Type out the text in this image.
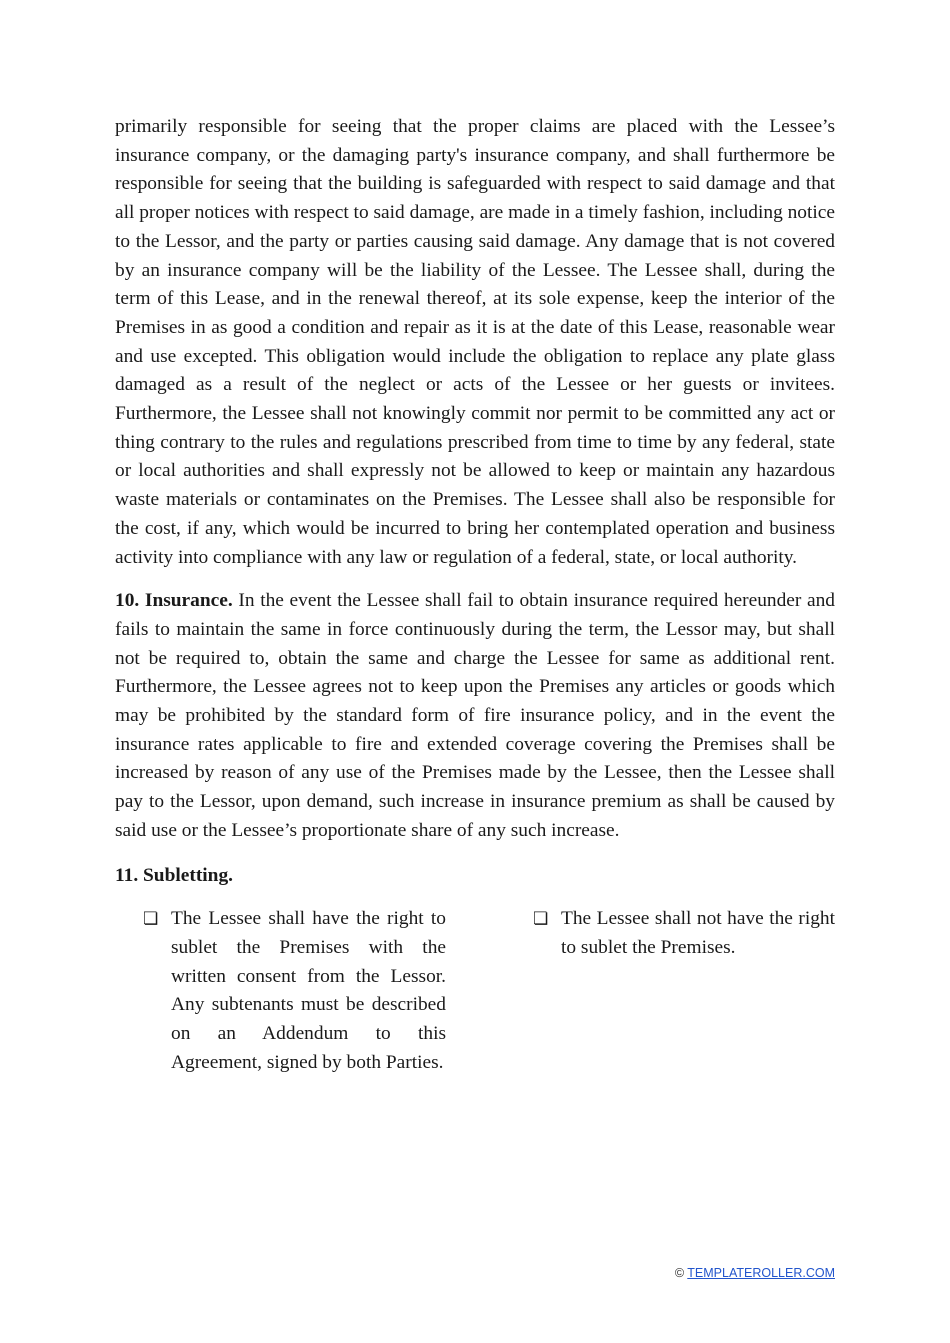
primarily responsible for seeing that the proper claims are placed with the Lessee’s insurance company, or the damaging party's insurance company, and shall furthermore be responsible for seeing that the building is safeguarded with respect to said damage and that all proper notices with respect to said damage, are made in a timely fashion, including notice to the Lessor, and the party or parties causing said damage. Any damage that is not covered by an insurance company will be the liability of the Lessee. The Lessee shall, during the term of this Lease, and in the renewal thereof, at its sole expense, keep the interior of the Premises in as good a condition and repair as it is at the date of this Lease, reasonable wear and use excepted. This obligation would include the obligation to replace any plate glass damaged as a result of the neglect or acts of the Lessee or her guests or invitees. Furthermore, the Lessee shall not knowingly commit nor permit to be committed any act or thing contrary to the rules and regulations prescribed from time to time by any federal, state or local authorities and shall expressly not be allowed to keep or maintain any hazardous waste materials or contaminates on the Premises. The Lessee shall also be responsible for the cost, if any, which would be incurred to bring her contemplated operation and business activity into compliance with any law or regulation of a federal, state, or local authority.

10. Insurance. In the event the Lessee shall fail to obtain insurance required hereunder and fails to maintain the same in force continuously during the term, the Lessor may, but shall not be required to, obtain the same and charge the Lessee for same as additional rent. Furthermore, the Lessee agrees not to keep upon the Premises any articles or goods which may be prohibited by the standard form of fire insurance policy, and in the event the insurance rates applicable to fire and extended coverage covering the Premises shall be increased by reason of any use of the Premises made by the Lessee, then the Lessee shall pay to the Lessor, upon demand, such increase in insurance premium as shall be caused by said use or the Lessee’s proportionate share of any such increase.

11. Subletting.

❏ The Lessee shall have the right to sublet the Premises with the written consent from the Lessor. Any subtenants must be described on an Addendum to this Agreement, signed by both Parties.
❏ The Lessee shall not have the right to sublet the Premises.
© TEMPLATEROLLER.COM
